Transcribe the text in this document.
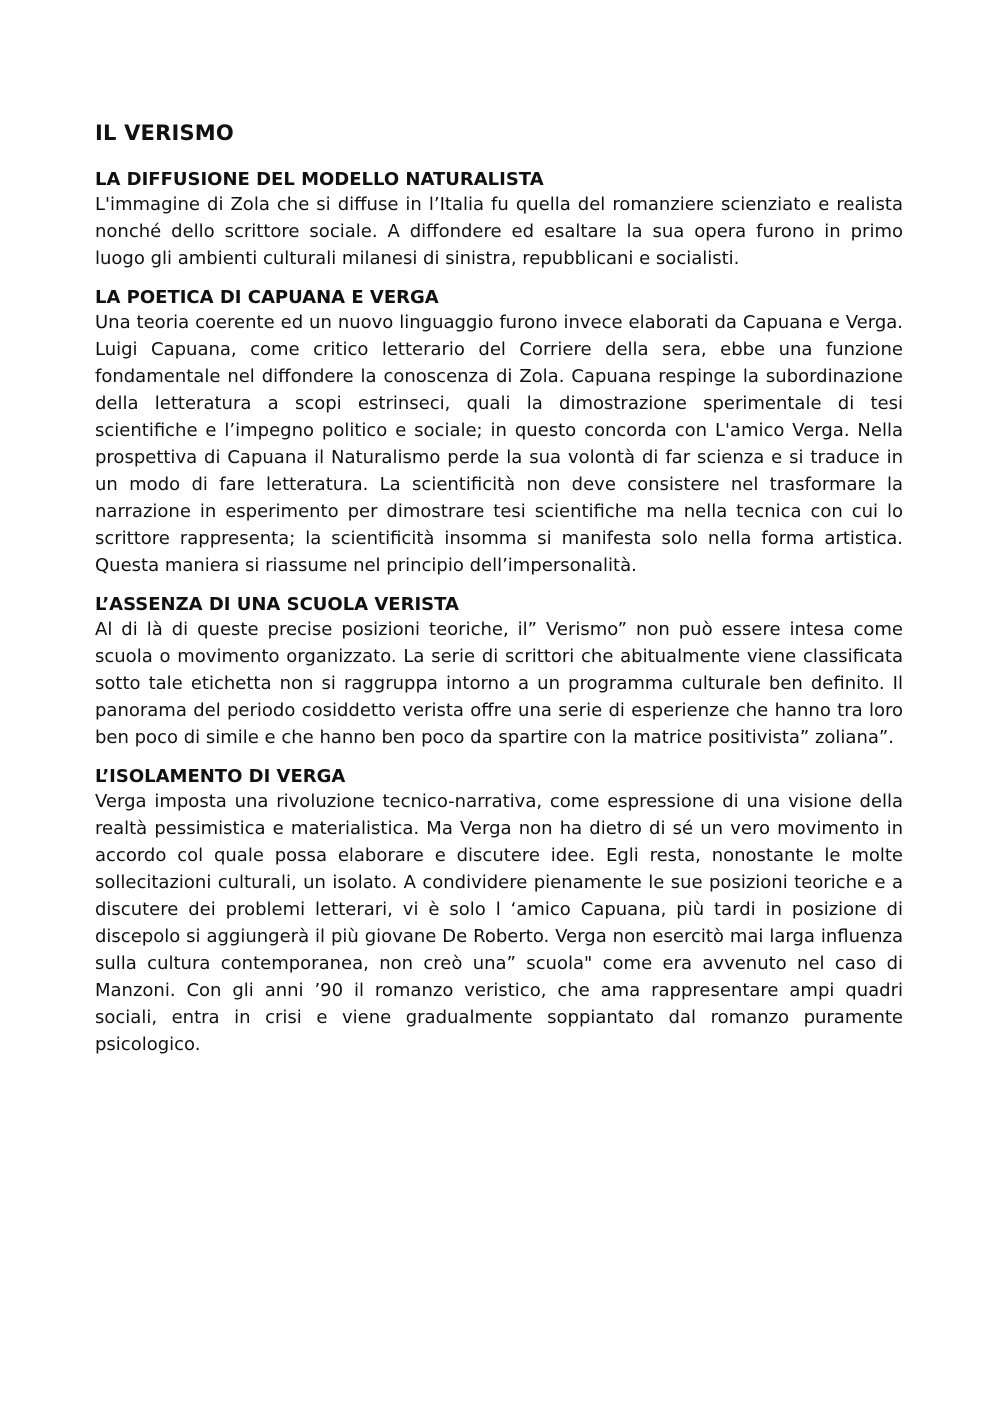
IL VERISMO
LA DIFFUSIONE DEL MODELLO NATURALISTA

L'immagine di Zola che si diffuse in l’Italia fu quella del romanziere scienziato e realista nonché dello scrittore sociale. A diffondere ed esaltare la sua opera furono in primo luogo gli ambienti culturali milanesi di sinistra, repubblicani e socialisti.

LA POETICA DI CAPUANA E VERGA

Una teoria coerente ed un nuovo linguaggio furono invece elaborati da Capuana e Verga. Luigi Capuana, come critico letterario del Corriere della sera, ebbe una funzione fondamentale nel diffondere la conoscenza di Zola. Capuana respinge la subordinazione della letteratura a scopi estrinseci, quali la dimostrazione sperimentale di tesi scientifiche e l’impegno politico e sociale; in questo concorda con L'amico Verga. Nella prospettiva di Capuana il Naturalismo perde la sua volontà di far scienza e si traduce in un modo di fare letteratura. La scientificità non deve consistere nel trasformare la narrazione in esperimento per dimostrare tesi scientifiche ma nella tecnica con cui lo scrittore rappresenta; la scientificità insomma si manifesta solo nella forma artistica. Questa maniera si riassume nel principio dell’impersonalità.

L’ASSENZA DI UNA SCUOLA VERISTA

Al di là di queste precise posizioni teoriche, il” Verismo” non può essere intesa come scuola o movimento organizzato. La serie di scrittori che abitualmente viene classificata sotto tale etichetta non si raggruppa intorno a un programma culturale ben definito. Il panorama del periodo cosiddetto verista offre una serie di esperienze che hanno tra loro ben poco di simile e che hanno ben poco da spartire con la matrice positivista” zoliana”.

L’ISOLAMENTO DI VERGA

Verga imposta una rivoluzione tecnico-narrativa, come espressione di una visione della realtà pessimistica e materialistica. Ma Verga non ha dietro di sé un vero movimento in accordo col quale possa elaborare e discutere idee. Egli resta, nonostante le molte sollecitazioni culturali, un isolato. A condividere pienamente le sue posizioni teoriche e a discutere dei problemi letterari, vi è solo l ‘amico Capuana, più tardi in posizione di discepolo si aggiungerà il più giovane De Roberto. Verga non esercitò mai larga influenza sulla cultura contemporanea, non creò una” scuola" come era avvenuto nel caso di Manzoni. Con gli anni ’90 il romanzo veristico, che ama rappresentare ampi quadri sociali, entra in crisi e viene gradualmente soppiantato dal romanzo puramente psicologico.
